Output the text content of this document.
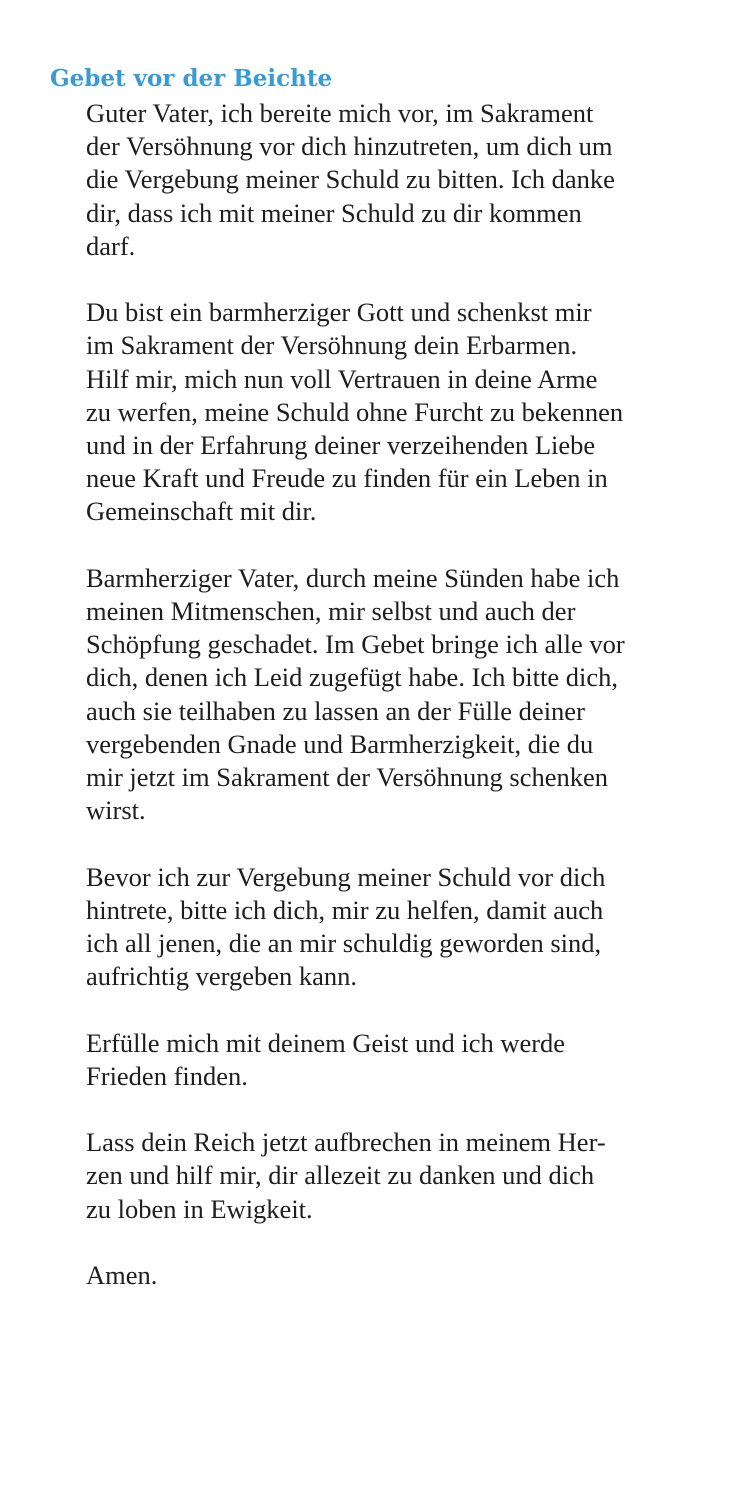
Gebet vor der Beichte

Guter Vater, ich bereite mich vor, im Sakrament
der Versöhnung vor dich hinzutreten, um dich um
die Vergebung meiner Schuld zu bitten. Ich danke
dir, dass ich mit meiner Schuld zu dir kommen
darf.

Du bist ein barmherziger Gott und schenkst mir
im Sakrament der Versöhnung dein Erbarmen.
Hilf mir, mich nun voll Vertrauen in deine Arme
zu werfen, meine Schuld ohne Furcht zu bekennen
und in der Erfahrung deiner verzeihenden Liebe
neue Kraft und Freude zu finden für ein Leben in
Gemeinschaft mit dir.

Barmherziger Vater, durch meine Sünden habe ich
meinen Mitmenschen, mir selbst und auch der
Schöpfung geschadet. Im Gebet bringe ich alle vor
dich, denen ich Leid zugefügt habe. Ich bitte dich,
auch sie teilhaben zu lassen an der Fülle deiner
vergebenden Gnade und Barmherzigkeit, die du
mir jetzt im Sakrament der Versöhnung schenken
wirst.

Bevor ich zur Vergebung meiner Schuld vor dich
hintrete, bitte ich dich, mir zu helfen, damit auch
ich all jenen, die an mir schuldig geworden sind,
aufrichtig vergeben kann.

Erfülle mich mit deinem Geist und ich werde
Frieden finden.

Lass dein Reich jetzt aufbrechen in meinem Her-
zen und hilf mir, dir allezeit zu danken und dich
zu loben in Ewigkeit.

Amen.
